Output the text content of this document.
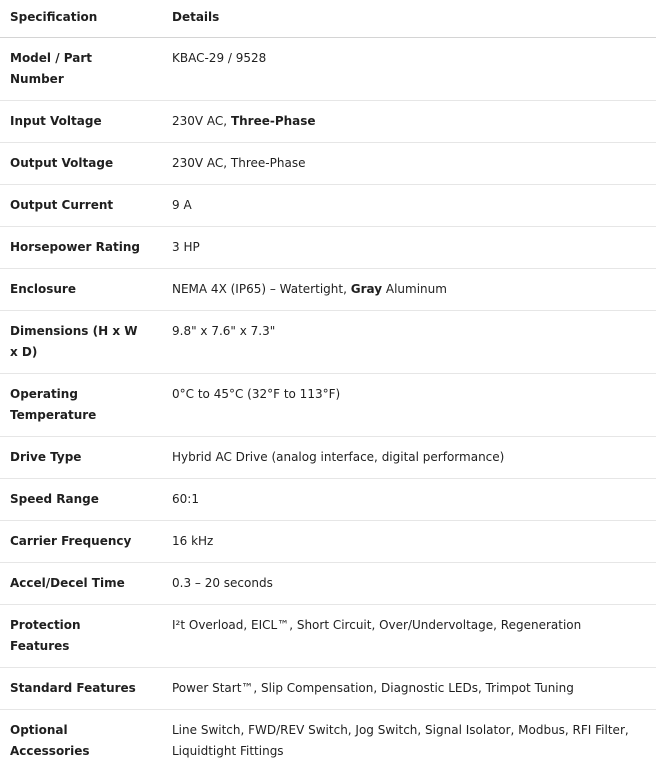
Specification	Details
Model / Part Number	KBAC-29 / 9528
Input Voltage	230V AC, Three-Phase
Output Voltage	230V AC, Three-Phase
Output Current	9 A
Horsepower Rating	3 HP
Enclosure	NEMA 4X (IP65) – Watertight, Gray Aluminum
Dimensions (H x W x D)	9.8" x 7.6" x 7.3"
Operating Temperature	0°C to 45°C (32°F to 113°F)
Drive Type	Hybrid AC Drive (analog interface, digital performance)
Speed Range	60:1
Carrier Frequency	16 kHz
Accel/Decel Time	0.3 – 20 seconds
Protection Features	I²t Overload, EICL™, Short Circuit, Over/Undervoltage, Regeneration
Standard Features	Power Start™, Slip Compensation, Diagnostic LEDs, Trimpot Tuning
Optional Accessories	Line Switch, FWD/REV Switch, Jog Switch, Signal Isolator, Modbus, RFI Filter, Liquidtight Fittings
